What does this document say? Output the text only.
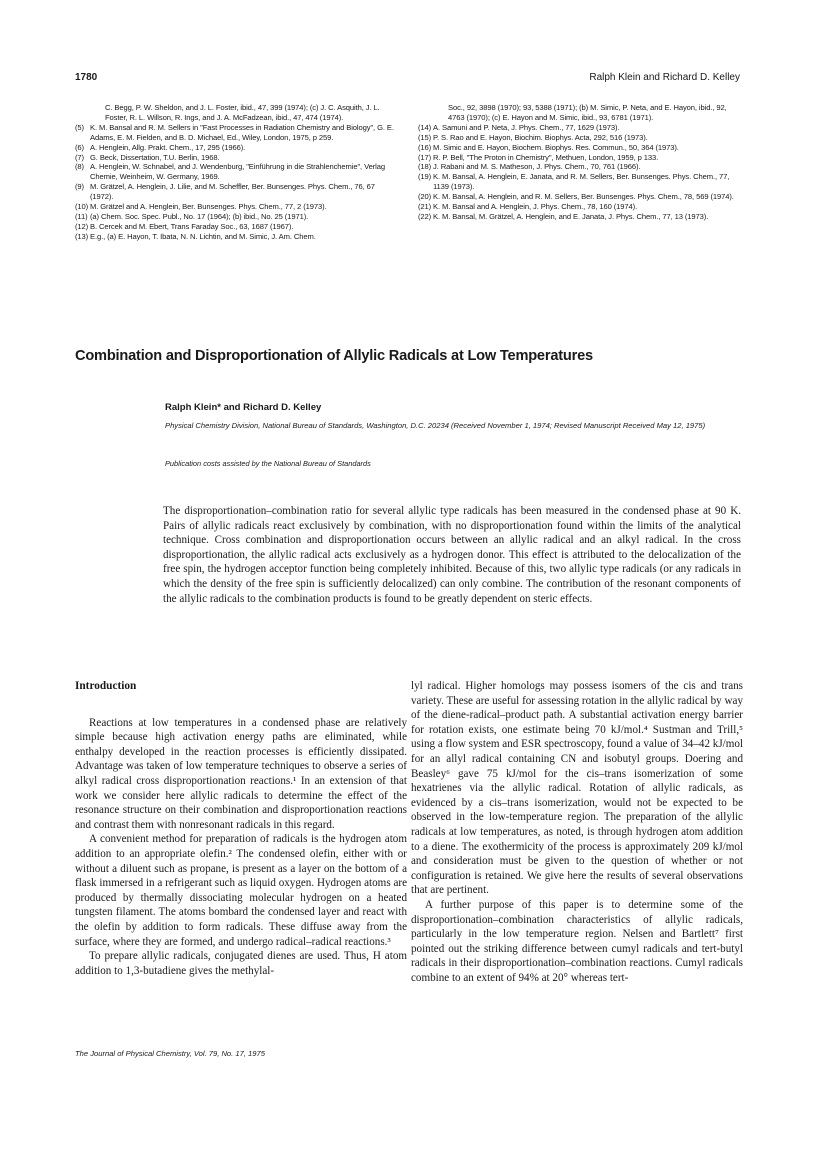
1780	Ralph Klein and Richard D. Kelley
C. Begg, P. W. Sheldon, and J. L. Foster, ibid., 47, 399 (1974); (c) J. C. Asquith, J. L. Foster, R. L. Willson, R. Ings, and J. A. McFadzean, ibid., 47, 474 (1974).
(5) K. M. Bansal and R. M. Sellers in "Fast Processes in Radiation Chemistry and Biology", G. E. Adams, E. M. Fielden, and B. D. Michael, Ed., Wiley, London, 1975, p 259.
(6) A. Henglein, Allg. Prakt. Chem., 17, 295 (1966).
(7) G. Beck, Dissertation, T.U. Berlin, 1968.
(8) A. Henglein, W. Schnabel, and J. Wendenburg, "Einführung in die Strahlenchemie", Verlag Chemie, Weinheim, W. Germany, 1969.
(9) M. Grätzel, A. Henglein, J. Lilie, and M. Scheffler, Ber. Bunsenges. Phys. Chem., 76, 67 (1972).
(10) M. Grätzel and A. Henglein, Ber. Bunsenges. Phys. Chem., 77, 2 (1973).
(11) (a) Chem. Soc. Spec. Publ., No. 17 (1964); (b) ibid., No. 25 (1971).
(12) B. Cercek and M. Ebert, Trans Faraday Soc., 63, 1687 (1967).
(13) E.g., (a) E. Hayon, T. Ibata, N. N. Lichtin, and M. Simic, J. Am. Chem.
Soc., 92, 3898 (1970); 93, 5388 (1971); (b) M. Simic, P. Neta, and E. Hayon, ibid., 92, 4763 (1970); (c) E. Hayon and M. Simic, ibid., 93, 6781 (1971).
(14) A. Samuni and P. Neta, J. Phys. Chem., 77, 1629 (1973).
(15) P. S. Rao and E. Hayon, Biochim. Biophys. Acta, 292, 516 (1973).
(16) M. Simic and E. Hayon, Biochem. Biophys. Res. Commun., 50, 364 (1973).
(17) R. P. Bell, "The Proton in Chemistry", Methuen, London, 1959, p 133.
(18) J. Rabani and M. S. Matheson, J. Phys. Chem., 70, 761 (1966).
(19) K. M. Bansal, A. Henglein, E. Janata, and R. M. Sellers, Ber. Bunsenges. Phys. Chem., 77, 1139 (1973).
(20) K. M. Bansal, A. Henglein, and R. M. Sellers, Ber. Bunsenges. Phys. Chem., 78, 569 (1974).
(21) K. M. Bansal and A. Henglein, J. Phys. Chem., 78, 160 (1974).
(22) K. M. Bansal, M. Grätzel, A. Henglein, and E. Janata, J. Phys. Chem., 77, 13 (1973).
Combination and Disproportionation of Allylic Radicals at Low Temperatures
Ralph Klein* and Richard D. Kelley
Physical Chemistry Division, National Bureau of Standards, Washington, D.C. 20234 (Received November 1, 1974; Revised Manuscript Received May 12, 1975)
Publication costs assisted by the National Bureau of Standards
The disproportionation–combination ratio for several allylic type radicals has been measured in the condensed phase at 90 K. Pairs of allylic radicals react exclusively by combination, with no disproportionation found within the limits of the analytical technique. Cross combination and disproportionation occurs between an allylic radical and an alkyl radical. In the cross disproportionation, the allylic radical acts exclusively as a hydrogen donor. This effect is attributed to the delocalization of the free spin, the hydrogen acceptor function being completely inhibited. Because of this, two allylic type radicals (or any radicals in which the density of the free spin is sufficiently delocalized) can only combine. The contribution of the resonant components of the allylic radicals to the combination products is found to be greatly dependent on steric effects.
Introduction

Reactions at low temperatures in a condensed phase are relatively simple because high activation energy paths are eliminated, while enthalpy developed in the reaction processes is efficiently dissipated. Advantage was taken of low temperature techniques to observe a series of alkyl radical cross disproportionation reactions.¹ In an extension of that work we consider here allylic radicals to determine the effect of the resonance structure on their combination and disproportionation reactions and contrast them with nonresonant radicals in this regard.

A convenient method for preparation of radicals is the hydrogen atom addition to an appropriate olefin.² The condensed olefin, either with or without a diluent such as propane, is present as a layer on the bottom of a flask immersed in a refrigerant such as liquid oxygen. Hydrogen atoms are produced by thermally dissociating molecular hydrogen on a heated tungsten filament. The atoms bombard the condensed layer and react with the olefin by addition to form radicals. These diffuse away from the surface, where they are formed, and undergo radical–radical reactions.³

To prepare allylic radicals, conjugated dienes are used. Thus, H atom addition to 1,3-butadiene gives the methylal-

lyl radical. Higher homologs may possess isomers of the cis and trans variety. These are useful for assessing rotation in the allylic radical by way of the diene-radical–product path. A substantial activation energy barrier for rotation exists, one estimate being 70 kJ/mol.⁴ Sustman and Trill,⁵ using a flow system and ESR spectroscopy, found a value of 34–42 kJ/mol for an allyl radical containing CN and isobutyl groups. Doering and Beasley⁶ gave 75 kJ/mol for the cis–trans isomerization of some hexatrienes via the allylic radical. Rotation of allylic radicals, as evidenced by a cis–trans isomerization, would not be expected to be observed in the low-temperature region. The preparation of the allylic radicals at low temperatures, as noted, is through hydrogen atom addition to a diene. The exothermicity of the process is approximately 209 kJ/mol and consideration must be given to the question of whether or not configuration is retained. We give here the results of several observations that are pertinent.

A further purpose of this paper is to determine some of the disproportionation–combination characteristics of allylic radicals, particularly in the low temperature region. Nelsen and Bartlett⁷ first pointed out the striking difference between cumyl radicals and tert-butyl radicals in their disproportionation–combination reactions. Cumyl radicals combine to an extent of 94% at 20° whereas tert-

The Journal of Physical Chemistry, Vol. 79, No. 17, 1975
